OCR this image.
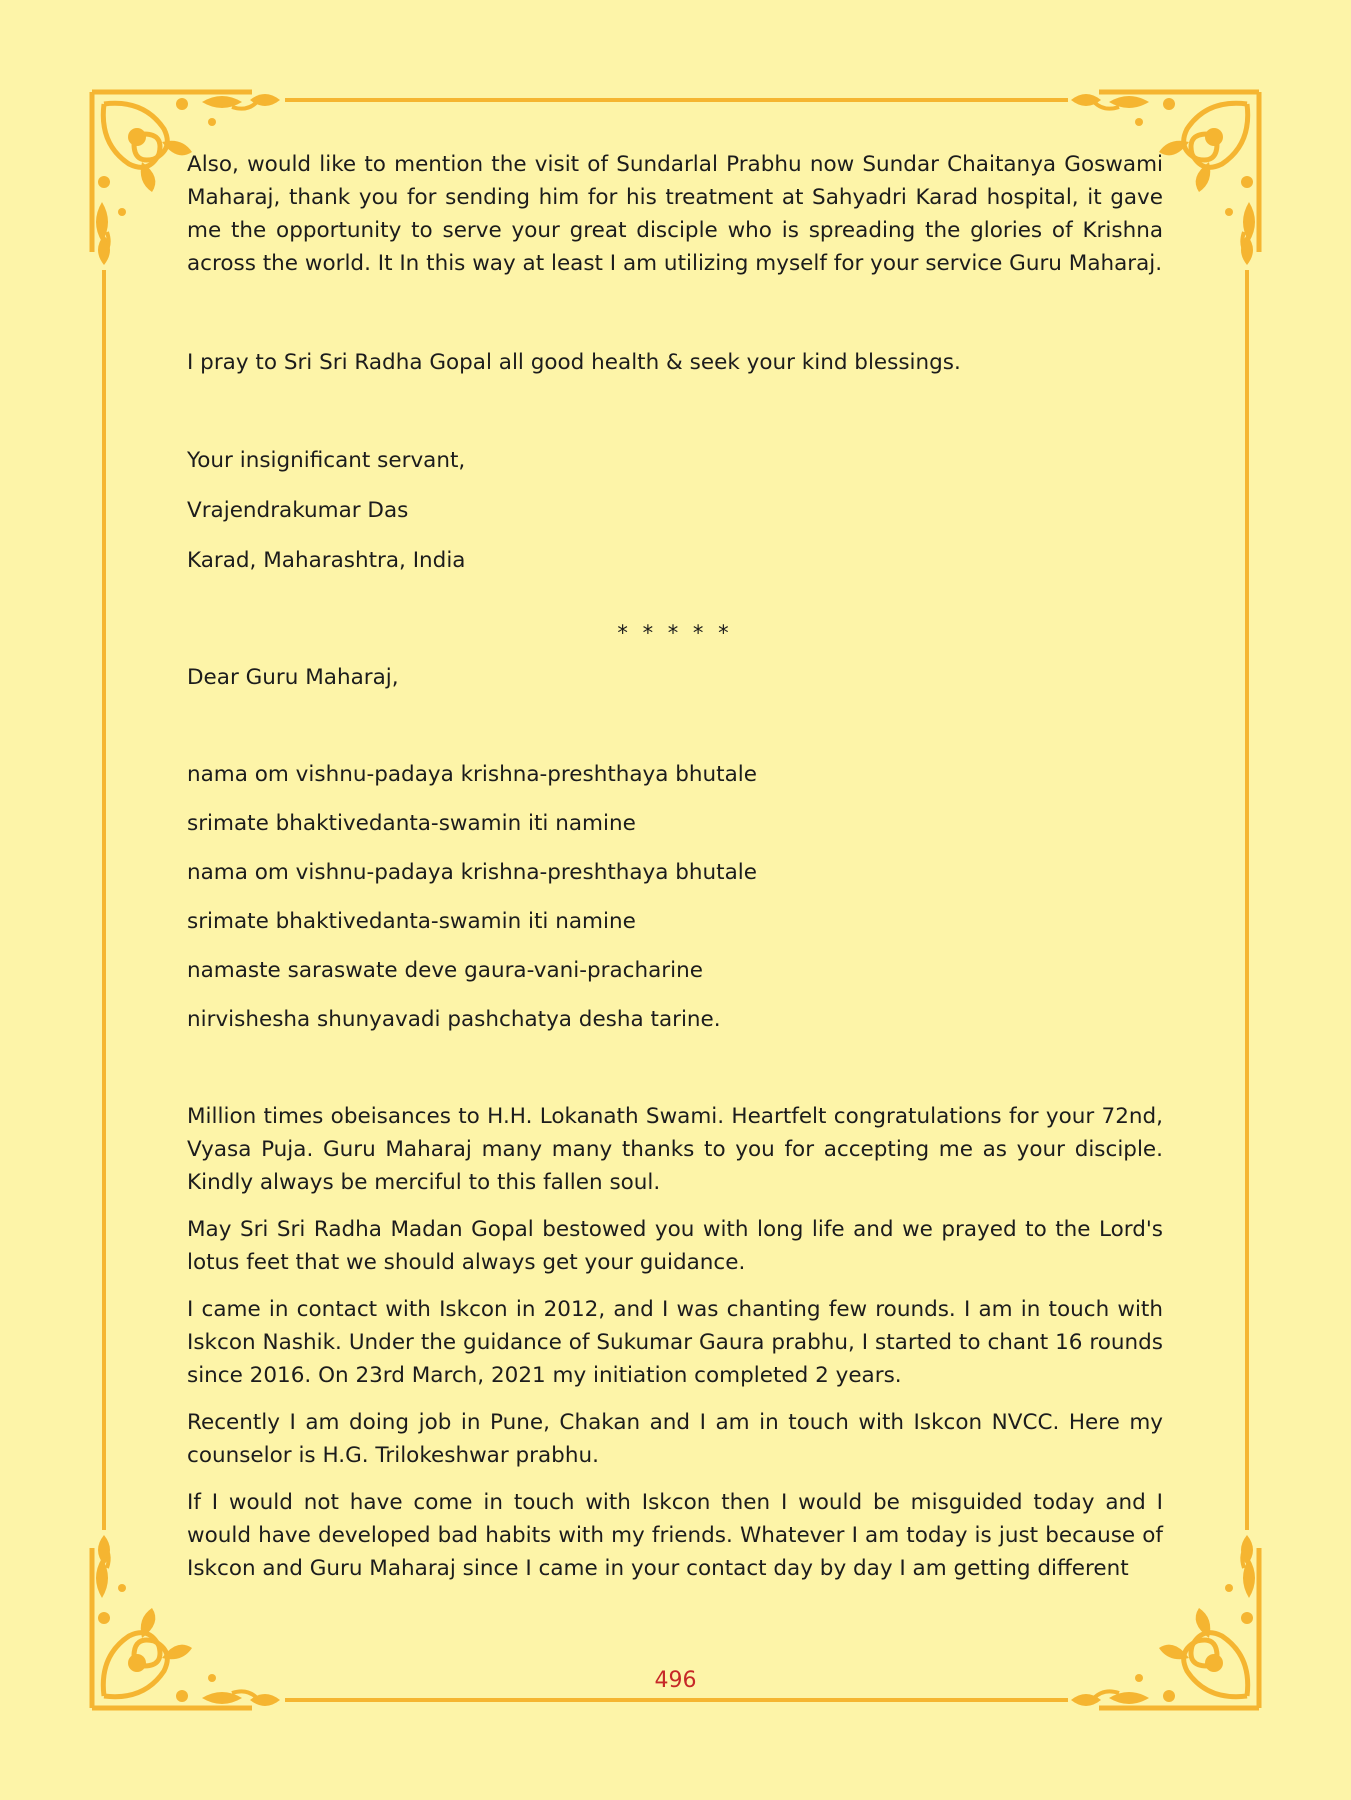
Also, would like to mention the visit of Sundarlal Prabhu now Sundar Chaitanya Goswami Maharaj, thank you for sending him for his treatment at Sahyadri Karad hospital, it gave me the opportunity to serve your great disciple who is spreading the glories of Krishna across the world. It In this way at least I am utilizing myself for your service Guru Maharaj.

I pray to Sri Sri Radha Gopal all good health & seek your kind blessings.

Your insignificant servant,

Vrajendrakumar Das

Karad, Maharashtra, India

* * * * *

Dear Guru Maharaj,

nama om vishnu-padaya krishna-preshthaya bhutale

srimate bhaktivedanta-swamin iti namine

nama om vishnu-padaya krishna-preshthaya bhutale

srimate bhaktivedanta-swamin iti namine

namaste saraswate deve gaura-vani-pracharine

nirvishesha shunyavadi pashchatya desha tarine.

Million times obeisances to H.H. Lokanath Swami. Heartfelt congratulations for your 72nd, Vyasa Puja. Guru Maharaj many many thanks to you for accepting me as your disciple. Kindly always be merciful to this fallen soul.

May Sri Sri Radha Madan Gopal bestowed you with long life and we prayed to the Lord's lotus feet that we should always get your guidance.

I came in contact with Iskcon in 2012, and I was chanting few rounds. I am in touch with Iskcon Nashik. Under the guidance of Sukumar Gaura prabhu, I started to chant 16 rounds since 2016. On 23rd March, 2021 my initiation completed 2 years.

Recently I am doing job in Pune, Chakan and I am in touch with Iskcon NVCC. Here my counselor is H.G. Trilokeshwar prabhu.

If I would not have come in touch with Iskcon then I would be misguided today and I would have developed bad habits with my friends. Whatever I am today is just because of Iskcon and Guru Maharaj since I came in your contact day by day I am getting different

496
